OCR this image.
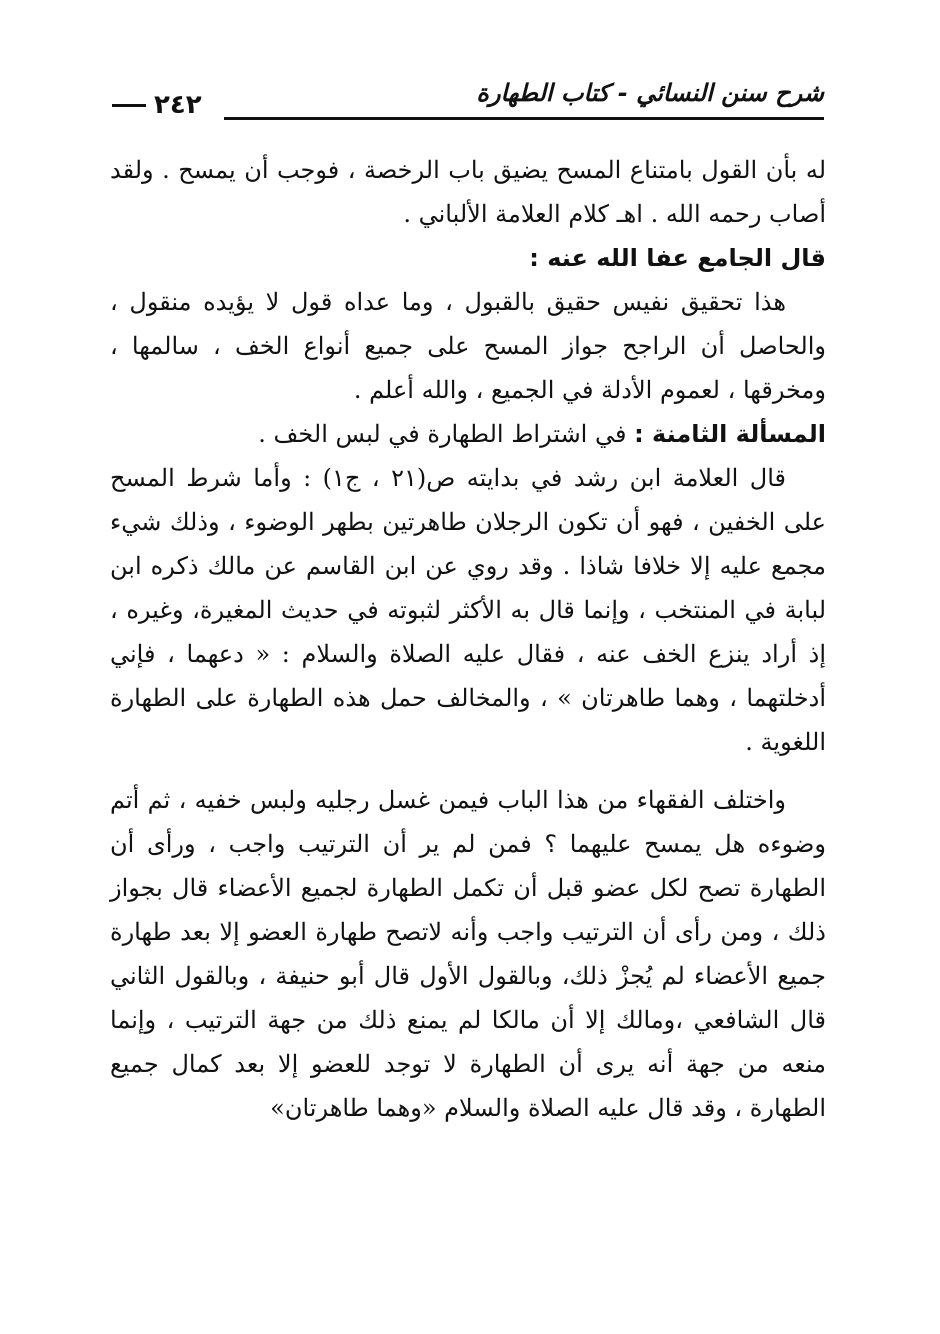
شرح سنن النسائي - كتاب الطهارة
٢٤٢

له بأن القول بامتناع المسح يضيق باب الرخصة ، فوجب أن يمسح . ولقد أصاب رحمه الله . اهـ كلام العلامة الألباني .

قال الجامع عفا الله عنه :

هذا تحقيق نفيس حقيق بالقبول ، وما عداه قول لا يؤيده منقول ، والحاصل أن الراجح جواز المسح على جميع أنواع الخف ، سالمها ، ومخرقها ، لعموم الأدلة في الجميع ، والله أعلم .

المسألة الثامنة : في اشتراط الطهارة في لبس الخف .

قال العلامة ابن رشد في بدايته ص(٢١ ، ج١) : وأما شرط المسح على الخفين ، فهو أن تكون الرجلان طاهرتين بطهر الوضوء ، وذلك شيء مجمع عليه إلا خلافا شاذا . وقد روي عن ابن القاسم عن مالك ذكره ابن لبابة في المنتخب ، وإنما قال به الأكثر لثبوته في حديث المغيرة، وغيره ، إذ أراد ينزع الخف عنه ، فقال عليه الصلاة والسلام : « دعهما ، فإني أدخلتهما ، وهما طاهرتان » ، والمخالف حمل هذه الطهارة على الطهارة اللغوية .

واختلف الفقهاء من هذا الباب فيمن غسل رجليه ولبس خفيه ، ثم أتم وضوءه هل يمسح عليهما ؟ فمن لم ير أن الترتيب واجب ، ورأى أن الطهارة تصح لكل عضو قبل أن تكمل الطهارة لجميع الأعضاء قال بجواز ذلك ، ومن رأى أن الترتيب واجب وأنه لاتصح طهارة العضو إلا بعد طهارة جميع الأعضاء لم يُجزْ ذلك، وبالقول الأول قال أبو حنيفة ، وبالقول الثاني قال الشافعي ،ومالك إلا أن مالكا لم يمنع ذلك من جهة الترتيب ، وإنما منعه من جهة أنه يرى أن الطهارة لا توجد للعضو إلا بعد كمال جميع الطهارة ، وقد قال عليه الصلاة والسلام «وهما طاهرتان»
